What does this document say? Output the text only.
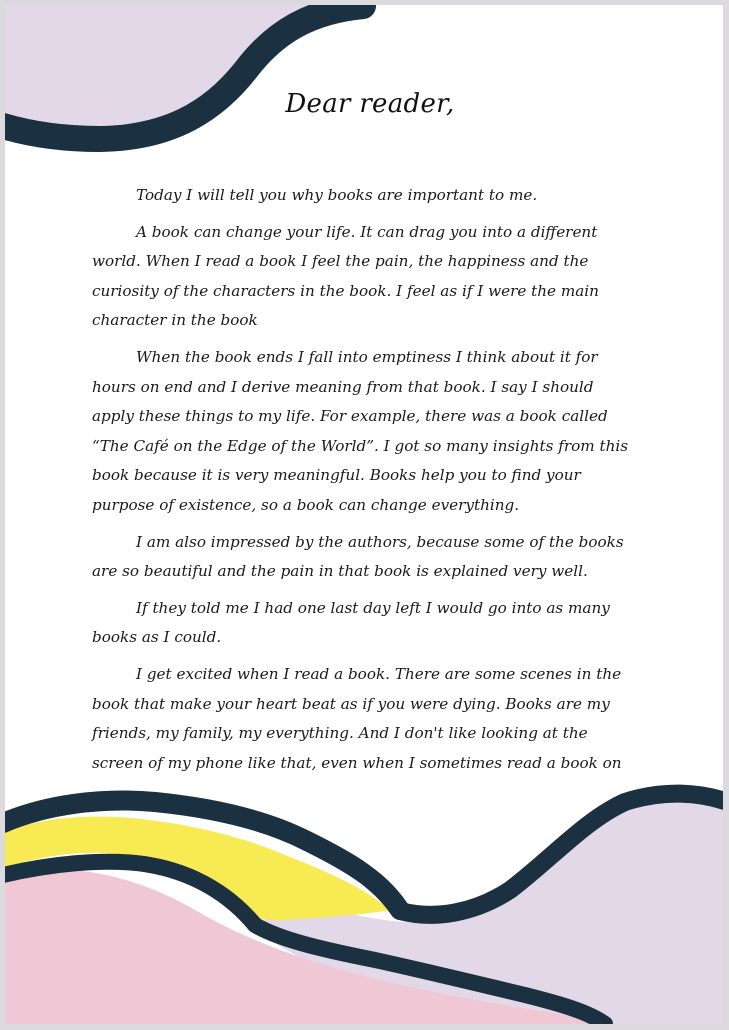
Dear reader,

Today I will tell you why books are important to me.

A book can change your life. It can drag you into a different world. When I read a book I feel the pain, the happiness and the curiosity of the characters in the book. I feel as if I were the main character in the book

When the book ends I fall into emptiness I think about it for hours on end and I derive meaning from that book. I say I should apply these things to my life. For example, there was a book called “The Café on the Edge of the World”. I got so many insights from this book because it is very meaningful. Books help you to find your purpose of existence, so a book can change everything.

I am also impressed by the authors, because some of the books are so beautiful and the pain in that book is explained very well.

If they told me I had one last day left I would go into as many books as I could.

I get excited when I read a book. There are some scenes in the book that make your heart beat as if you were dying. Books are my friends, my family, my everything. And I don't like looking at the screen of my phone like that, even when I sometimes read a book on
